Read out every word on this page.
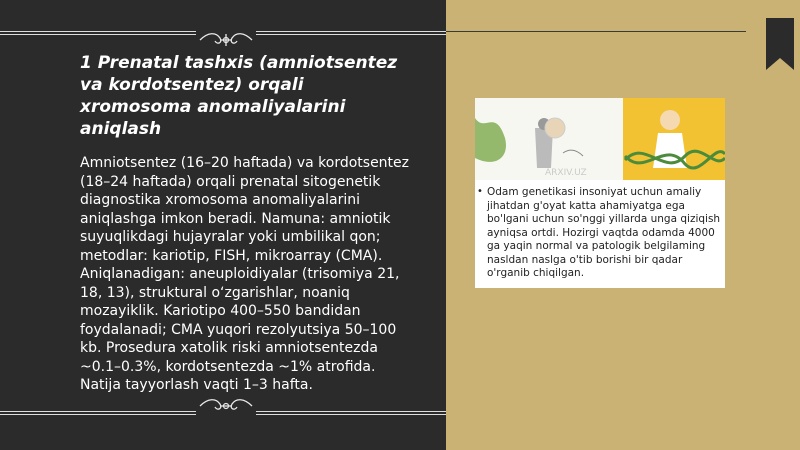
1 Prenatal tashxis (amniotsentez va kordotsentez) orqali xromosoma anomaliyalarini aniqlash

Amniotsentez (16–20 haftada) va kordotsentez (18–24 haftada) orqali prenatal sitogenetik diagnostika xromosoma anomaliyalarini aniqlashga imkon beradi. Namuna: amniotik suyuqlikdagi hujayralar yoki umbilikal qon; metodlar: kariotip, FISH, mikroarray (CMA). Aniqlanadigan: aneuploidiyalar (trisomiya 21, 18, 13), struktural o‘zgarishlar, noaniq mozayiklik. Kariotipo 400–550 bandidan foydalanadi; CMA yuqori rezolyutsiya 50–100 kb. Prosedura xatolik riski amniotsentezda ~0.1–0.3%, kordotsentezda ~1% atrofida. Natija tayyorlash vaqti 1–3 hafta.

• Odam genetikasi insoniyat uchun amaliy jihatdan g'oyat katta ahamiyatga ega bo'lgani uchun so'nggi yillarda unga qiziqish ayniqsa ortdi. Hozirgi vaqtda odamda 4000 ga yaqin normal va patologik belgilaming nasldan naslga o'tib borishi bir qadar o'rganib chiqilgan.

ARXIV.UZ
